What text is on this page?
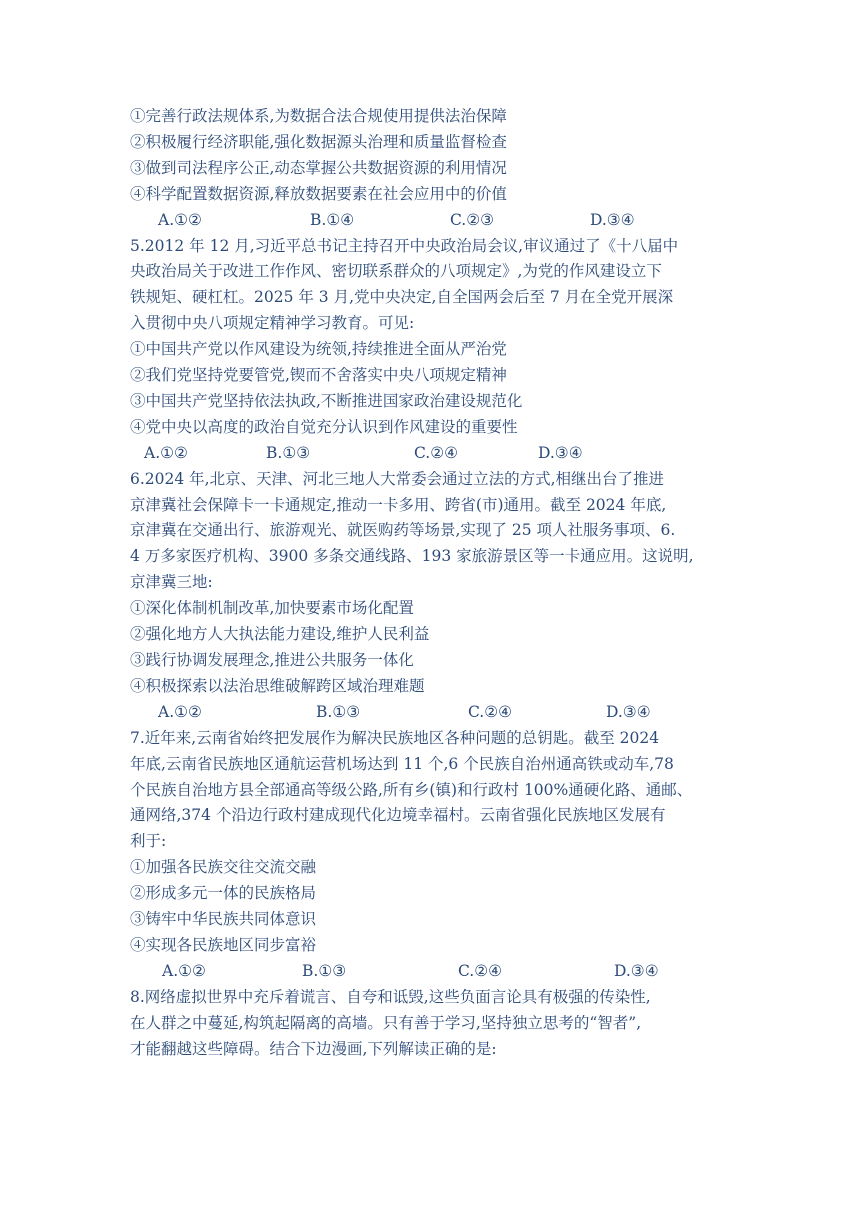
①完善行政法规体系,为数据合法合规使用提供法治保障
②积极履行经济职能,强化数据源头治理和质量监督检查
③做到司法程序公正,动态掌握公共数据资源的利用情况
④科学配置数据资源,释放数据要素在社会应用中的价值
A.①②	B.①④	C.②③	D.③④
5.2012 年 12 月,习近平总书记主持召开中央政治局会议,审议通过了《十八届中
央政治局关于改进工作作风、密切联系群众的八项规定》,为党的作风建设立下
铁规矩、硬杠杠。2025 年 3 月,党中央决定,自全国两会后至 7 月在全党开展深
入贯彻中央八项规定精神学习教育。可见:
①中国共产党以作风建设为统领,持续推进全面从严治党
②我们党坚持党要管党,锲而不舍落实中央八项规定精神
③中国共产党坚持依法执政,不断推进国家政治建设规范化
④党中央以高度的政治自觉充分认识到作风建设的重要性
A.①②	B.①③	C.②④	D.③④
6.2024 年,北京、天津、河北三地人大常委会通过立法的方式,相继出台了推进
京津冀社会保障卡一卡通规定,推动一卡多用、跨省(市)通用。截至 2024 年底,
京津冀在交通出行、旅游观光、就医购药等场景,实现了 25 项人社服务事项、6.
4 万多家医疗机构、3900 多条交通线路、193 家旅游景区等一卡通应用。这说明,
京津冀三地:
①深化体制机制改革,加快要素市场化配置
②强化地方人大执法能力建设,维护人民利益
③践行协调发展理念,推进公共服务一体化
④积极探索以法治思维破解跨区域治理难题
A.①②	B.①③	C.②④	D.③④
7.近年来,云南省始终把发展作为解决民族地区各种问题的总钥匙。截至 2024
年底,云南省民族地区通航运营机场达到 11 个,6 个民族自治州通高铁或动车,78
个民族自治地方县全部通高等级公路,所有乡(镇)和行政村 100%通硬化路、通邮、
通网络,374 个沿边行政村建成现代化边境幸福村。云南省强化民族地区发展有
利于:
①加强各民族交往交流交融
②形成多元一体的民族格局
③铸牢中华民族共同体意识
④实现各民族地区同步富裕
A.①②	B.①③	C.②④	D.③④
8.网络虚拟世界中充斥着谎言、自夸和诋毁,这些负面言论具有极强的传染性,
在人群之中蔓延,构筑起隔离的高墙。只有善于学习,坚持独立思考的“智者”,
才能翻越这些障碍。结合下边漫画,下列解读正确的是:
